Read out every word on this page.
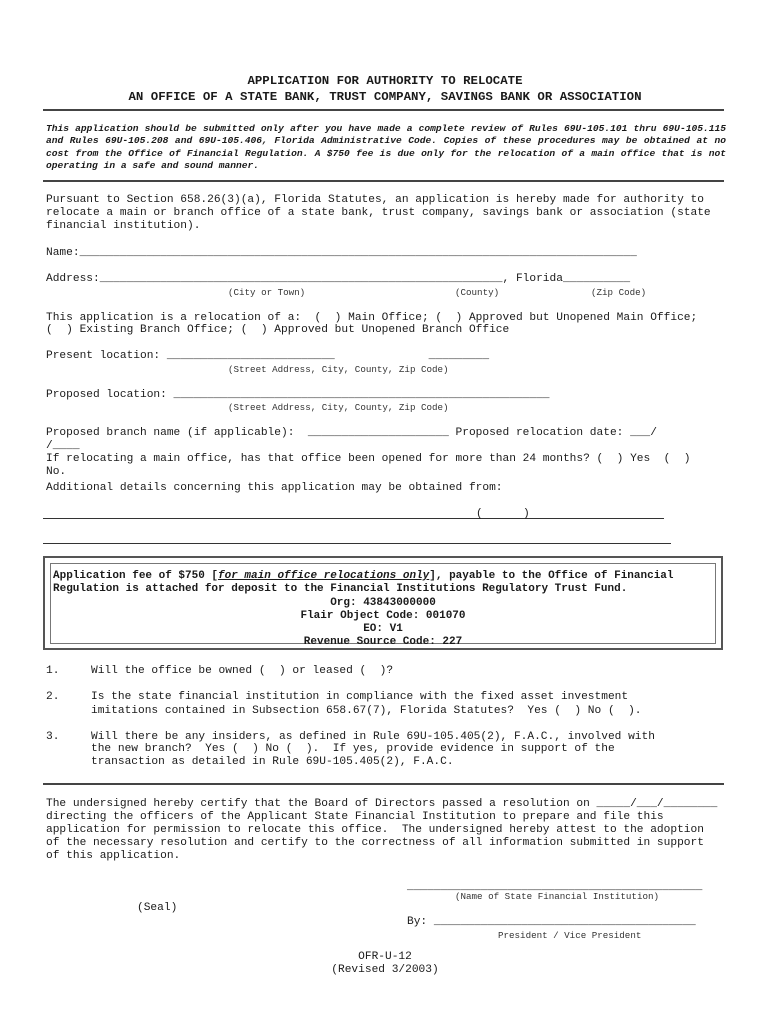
APPLICATION FOR AUTHORITY TO RELOCATE
AN OFFICE OF A STATE BANK, TRUST COMPANY, SAVINGS BANK OR ASSOCIATION
This application should be submitted only after you have made a complete review of Rules 69U-105.101 thru 69U-105.115 and Rules 69U-105.208 and 69U-105.406, Florida Administrative Code. Copies of these procedures may be obtained at no cost from the Office of Financial Regulation. A $750 fee is due only for the relocation of a main office that is not operating in a safe and sound manner.
Pursuant to Section 658.26(3)(a), Florida Statutes, an application is hereby made for authority to
relocate a main or branch office of a state bank, trust company, savings bank or association (state
financial institution).
Name:___________________________________________________________________________________
Address:____________________________________________________________, Florida__________
(City or Town)	(County)	(Zip Code)
This application is a relocation of a:  (  ) Main Office; (  ) Approved but Unopened Main Office;
(  ) Existing Branch Office; (  ) Approved but Unopened Branch Office
Present location: _________________________              _________
(Street Address, City, County, Zip Code)
Proposed location: ________________________________________________________
(Street Address, City, County, Zip Code)
Proposed branch name (if applicable):  _____________________ Proposed relocation date: ___/
/____
If relocating a main office, has that office been opened for more than 24 months? (  ) Yes  (  )
No.
Additional details concerning this application may be obtained from:
(      )
Application fee of $750 [for main office relocations only], payable to the Office of Financial
Regulation is attached for deposit to the Financial Institutions Regulatory Trust Fund.
Org: 43843000000
Flair Object Code: 001070
EO: V1
Revenue Source Code: 227
1.	Will the office be owned (  ) or leased (  )?
2.	Is the state financial institution in compliance with the fixed asset investment
imitations contained in Subsection 658.67(7), Florida Statutes?  Yes (  ) No (  ).
3.	Will there be any insiders, as defined in Rule 69U-105.405(2), F.A.C., involved with
the new branch?  Yes (  ) No (  ).  If yes, provide evidence in support of the
transaction as detailed in Rule 69U-105.405(2), F.A.C.
The undersigned hereby certify that the Board of Directors passed a resolution on _____/___/________
directing the officers of the Applicant State Financial Institution to prepare and file this
application for permission to relocate this office.  The undersigned hereby attest to the adoption
of the necessary resolution and certify to the correctness of all information submitted in support
of this application.
____________________________________________
(Name of State Financial Institution)
(Seal)
By: _______________________________________
President / Vice President
OFR-U-12
(Revised 3/2003)
